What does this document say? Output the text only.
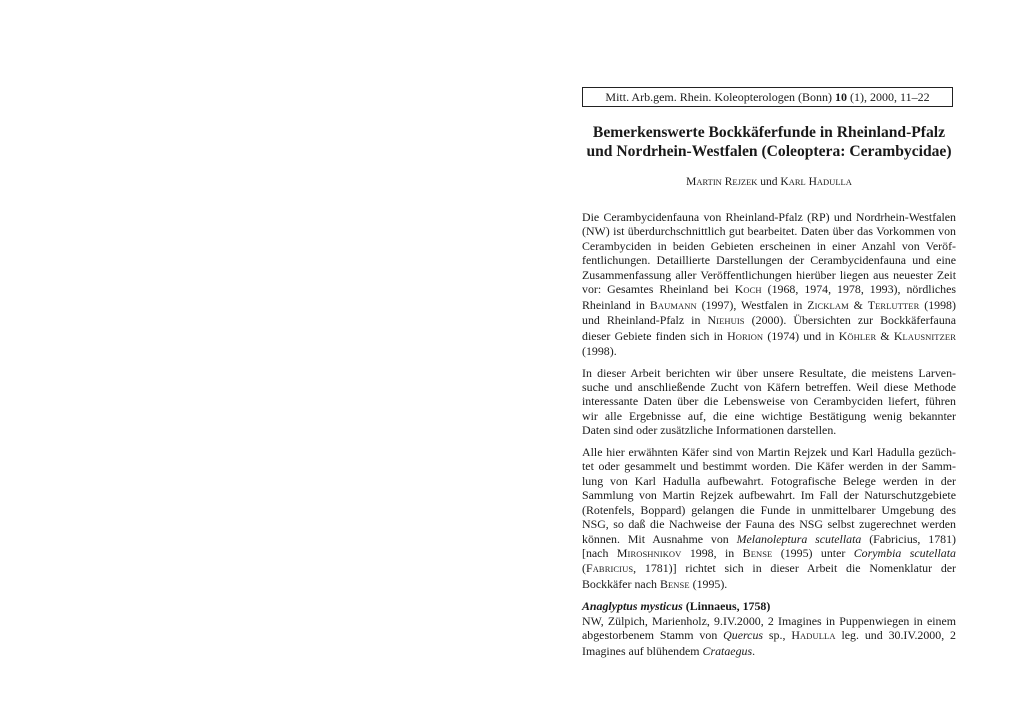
Mitt. Arb.gem. Rhein. Koleopterologen (Bonn) 10 (1), 2000, 11–22
Bemerkenswerte Bockkäferfunde in Rheinland-Pfalz
und Nordrhein-Westfalen (Coleoptera: Cerambycidae)
MARTIN REJZEK und KARL HADULLA
Die Cerambycidenfauna von Rheinland-Pfalz (RP) und Nordrhein-Westfalen
(NW) ist überdurchschnittlich gut bearbeitet. Daten über das Vorkommen von
Cerambyciden in beiden Gebieten erscheinen in einer Anzahl von Veröf-
fentlichungen. Detaillierte Darstellungen der Cerambycidenfauna und eine
Zusammenfassung aller Veröffentlichungen hierüber liegen aus neuester Zeit
vor: Gesamtes Rheinland bei KOCH (1968, 1974, 1978, 1993), nördliches
Rheinland in BAUMANN (1997), Westfalen in ZICKLAM & TERLUTTER (1998)
und Rheinland-Pfalz in NIEHUIS (2000). Übersichten zur Bockkäferfauna
dieser Gebiete finden sich in HORION (1974) und in KÖHLER & KLAUSNITZER
(1998).
In dieser Arbeit berichten wir über unsere Resultate, die meistens Larven-
suche und anschließende Zucht von Käfern betreffen. Weil diese Methode
interessante Daten über die Lebensweise von Cerambyciden liefert, führen
wir alle Ergebnisse auf, die eine wichtige Bestätigung wenig bekannter
Daten sind oder zusätzliche Informationen darstellen.
Alle hier erwähnten Käfer sind von Martin Rejzek und Karl Hadulla gezüch-
tet oder gesammelt und bestimmt worden. Die Käfer werden in der Samm-
lung von Karl Hadulla aufbewahrt. Fotografische Belege werden in der
Sammlung von Martin Rejzek aufbewahrt. Im Fall der Naturschutzgebiete
(Rotenfels, Boppard) gelangen die Funde in unmittelbarer Umgebung des
NSG, so daß die Nachweise der Fauna des NSG selbst zugerechnet werden
können. Mit Ausnahme von Melanoleptura scutellata (Fabricius, 1781)
[nach MIROSHNIKOV 1998, in BENSE (1995) unter Corymbia scutellata
(FABRICIUS, 1781)] richtet sich in dieser Arbeit die Nomenklatur der
Bockkäfer nach BENSE (1995).
Anaglyptus mysticus (Linnaeus, 1758)
NW, Zülpich, Marienholz, 9.IV.2000, 2 Imagines in Puppenwiegen in einem
abgestorbenem Stamm von Quercus sp., HADULLA leg. und 30.IV.2000, 2
Imagines auf blühendem Crataegus.
